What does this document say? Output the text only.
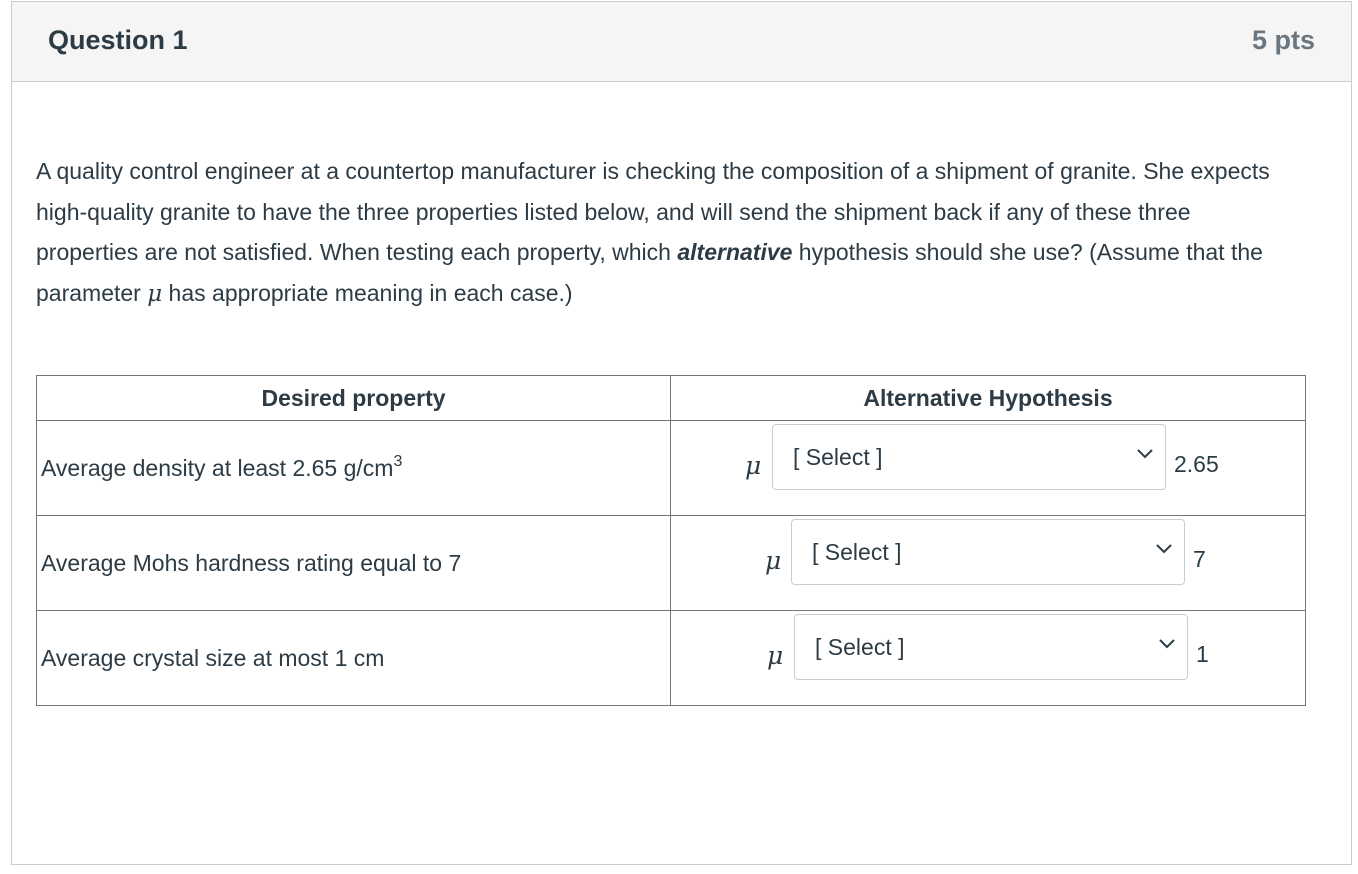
Question 1	5 pts
A quality control engineer at a countertop manufacturer is checking the composition of a shipment of granite. She expects high-quality granite to have the three properties listed below, and will send the shipment back if any of these three properties are not satisfied. When testing each property, which alternative hypothesis should she use? (Assume that the parameter μ has appropriate meaning in each case.)
Desired property	Alternative Hypothesis
Average density at least 2.65 $g/cm^3$	μ [ Select ] 2.65

Average Mohs hardness rating equal to 7	μ [ Select ] 7

Average crystal size at most 1 cm	μ [ Select ] 1
